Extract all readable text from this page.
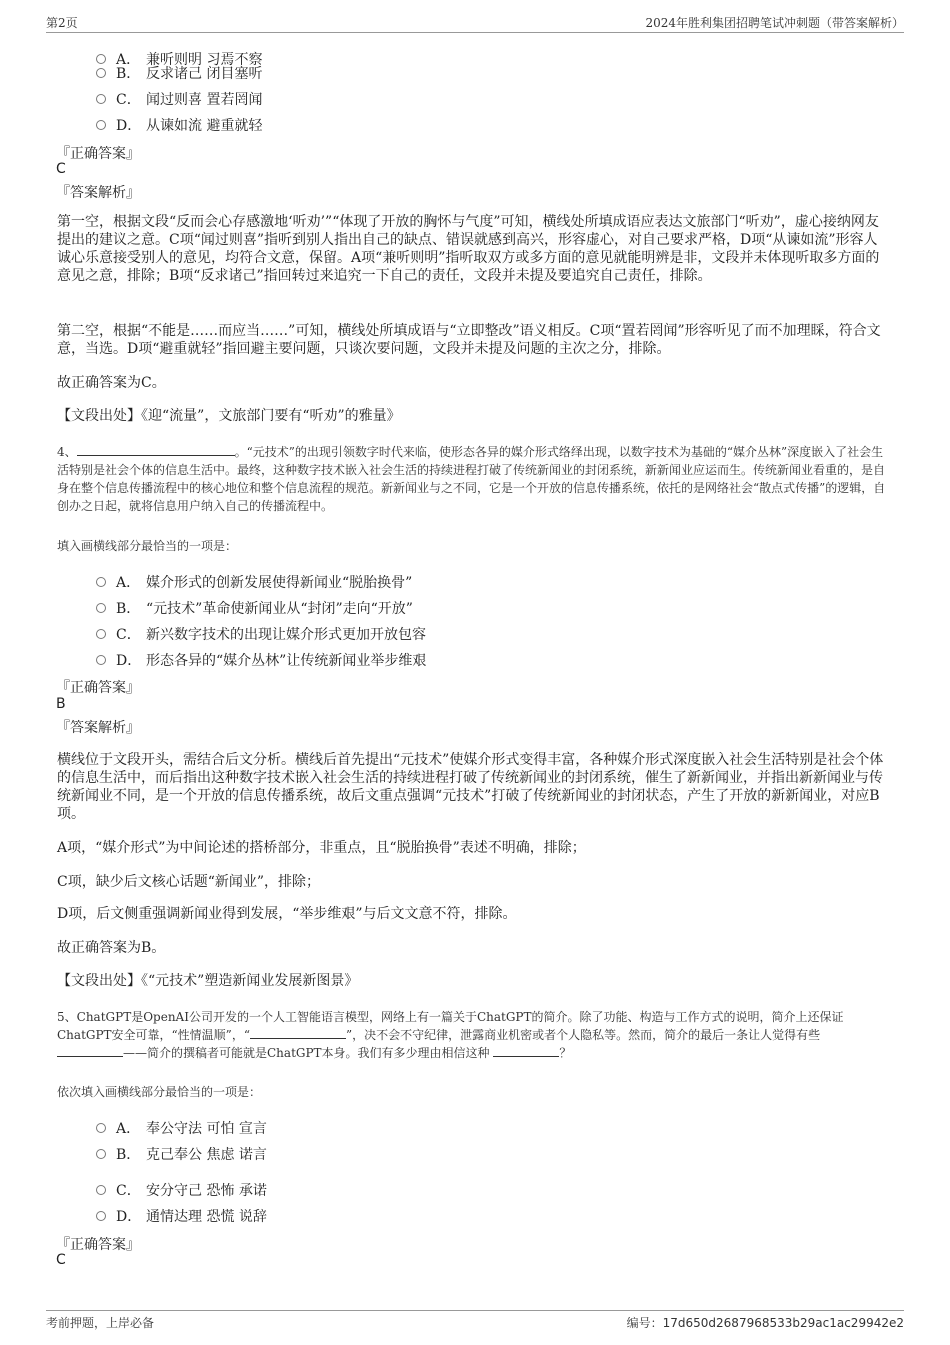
第2页	2024年胜利集团招聘笔试冲刺题（带答案解析）
A． 兼听则明 习焉不察
B． 反求诸己 闭目塞听
C． 闻过则喜 置若罔闻
D． 从谏如流 避重就轻
『正确答案』
C
『答案解析』
第一空，根据文段“反而会心存感激地‘听劝’”“体现了开放的胸怀与气度”可知，横线处所填成语应表达文旅部门“听劝”，虚心接纳网友提出的建议之意。C项“闻过则喜”指听到别人指出自己的缺点、错误就感到高兴，形容虚心，对自己要求严格，D项“从谏如流”形容人诚心乐意接受别人的意见，均符合文意，保留。A项“兼听则明”指听取双方或多方面的意见就能明辨是非，文段并未体现听取多方面的意见之意，排除；B项“反求诸己”指回转过来追究一下自己的责任，文段并未提及要追究自己责任，排除。
第二空，根据“不能是……而应当……”可知，横线处所填成语与“立即整改”语义相反。C项“置若罔闻”形容听见了而不加理睬，符合文意，当选。D项“避重就轻”指回避主要问题，只谈次要问题，文段并未提及问题的主次之分，排除。
故正确答案为C。
【文段出处】《迎“流量”，文旅部门要有“听劝”的雅量》
4、	。“元技术”的出现引领数字时代来临，使形态各异的媒介形式络绎出现，以数字技术为基础的“媒介丛林”深度嵌入了社会生活特别是社会个体的信息生活中。最终，这种数字技术嵌入社会生活的持续进程打破了传统新闻业的封闭系统，新新闻业应运而生。传统新闻业看重的，是自身在整个信息传播流程中的核心地位和整个信息流程的规范。新新闻业与之不同，它是一个开放的信息传播系统，依托的是网络社会“散点式传播”的逻辑，自创办之日起，就将信息用户纳入自己的传播流程中。
填入画横线部分最恰当的一项是：
A． 媒介形式的创新发展使得新闻业“脱胎换骨”
B． “元技术”革命使新闻业从“封闭”走向“开放”
C． 新兴数字技术的出现让媒介形式更加开放包容
D． 形态各异的“媒介丛林”让传统新闻业举步维艰
『正确答案』
B
『答案解析』
横线位于文段开头，需结合后文分析。横线后首先提出“元技术”使媒介形式变得丰富，各种媒介形式深度嵌入社会生活特别是社会个体的信息生活中，而后指出这种数字技术嵌入社会生活的持续进程打破了传统新闻业的封闭系统，催生了新新闻业，并指出新新闻业与传统新闻业不同，是一个开放的信息传播系统，故后文重点强调“元技术”打破了传统新闻业的封闭状态，产生了开放的新新闻业，对应B项。
A项，“媒介形式”为中间论述的搭桥部分，非重点，且“脱胎换骨”表述不明确，排除；
C项，缺少后文核心话题“新闻业”，排除；
D项，后文侧重强调新闻业得到发展，“举步维艰”与后文文意不符，排除。
故正确答案为B。
【文段出处】《“元技术”塑造新闻业发展新图景》
5、ChatGPT是OpenAI公司开发的一个人工智能语言模型，网络上有一篇关于ChatGPT的简介。除了功能、构造与工作方式的说明，简介上还保证ChatGPT安全可靠，“性情温顺”，“	”，决不会不守纪律，泄露商业机密或者个人隐私等。然而，简介的最后一条让人觉得有些 ——简介的撰稿者可能就是ChatGPT本身。我们有多少理由相信这种	？
依次填入画横线部分最恰当的一项是：
A． 奉公守法 可怕 宣言
B． 克己奉公 焦虑 诺言
C． 安分守己 恐怖 承诺
D． 通情达理 恐慌 说辞
『正确答案』
C
考前押题，上岸必备	编号：17d650d2687968533b29ac1ac29942e2
